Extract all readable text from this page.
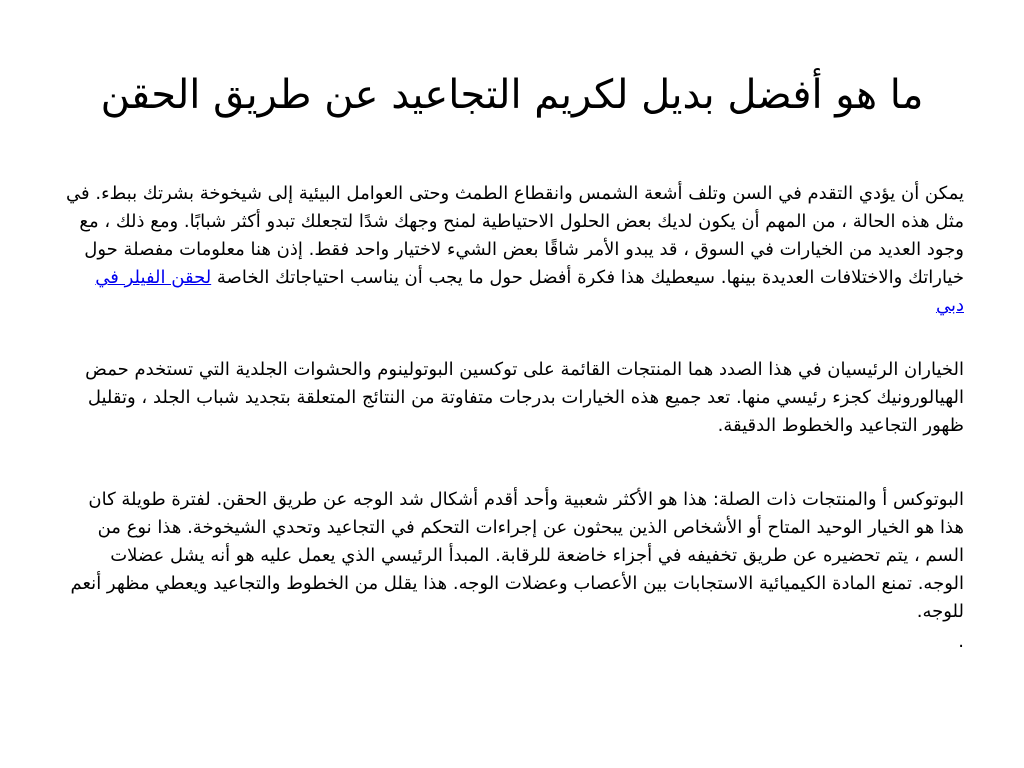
ما هو أفضل بديل لكريم التجاعيد عن طريق الحقن

يمكن أن يؤدي التقدم في السن وتلف أشعة الشمس وانقطاع الطمث وحتى العوامل البيئية إلى شيخوخة بشرتك ببطء. في مثل هذه الحالة ، من المهم أن يكون لديك بعض الحلول الاحتياطية لمنح وجهك شدًا لتجعلك تبدو أكثر شبابًا. ومع ذلك ، مع وجود العديد من الخيارات في السوق ، قد يبدو الأمر شاقًا بعض الشيء لاختيار واحد فقط. إذن هنا معلومات مفصلة حول خياراتك والاختلافات العديدة بينها. سيعطيك هذا فكرة أفضل حول ما يجب أن يناسب احتياجاتك الخاصة لحقن الفيلر في دبي

الخياران الرئيسيان في هذا الصدد هما المنتجات القائمة على توكسين البوتولينوم والحشوات الجلدية التي تستخدم حمض الهيالورونيك كجزء رئيسي منها. تعد جميع هذه الخيارات بدرجات متفاوتة من النتائج المتعلقة بتجديد شباب الجلد ، وتقليل ظهور التجاعيد والخطوط الدقيقة.

البوتوكس أ والمنتجات ذات الصلة: هذا هو الأكثر شعبية وأحد أقدم أشكال شد الوجه عن طريق الحقن. لفترة طويلة كان هذا هو الخيار الوحيد المتاح أو الأشخاص الذين يبحثون عن إجراءات التحكم في التجاعيد وتحدي الشيخوخة. هذا نوع من السم ، يتم تحضيره عن طريق تخفيفه في أجزاء خاضعة للرقابة. المبدأ الرئيسي الذي يعمل عليه هو أنه يشل عضلات الوجه. تمنع المادة الكيميائية الاستجابات بين الأعصاب وعضلات الوجه. هذا يقلل من الخطوط والتجاعيد ويعطي مظهر أنعم للوجه.

.
